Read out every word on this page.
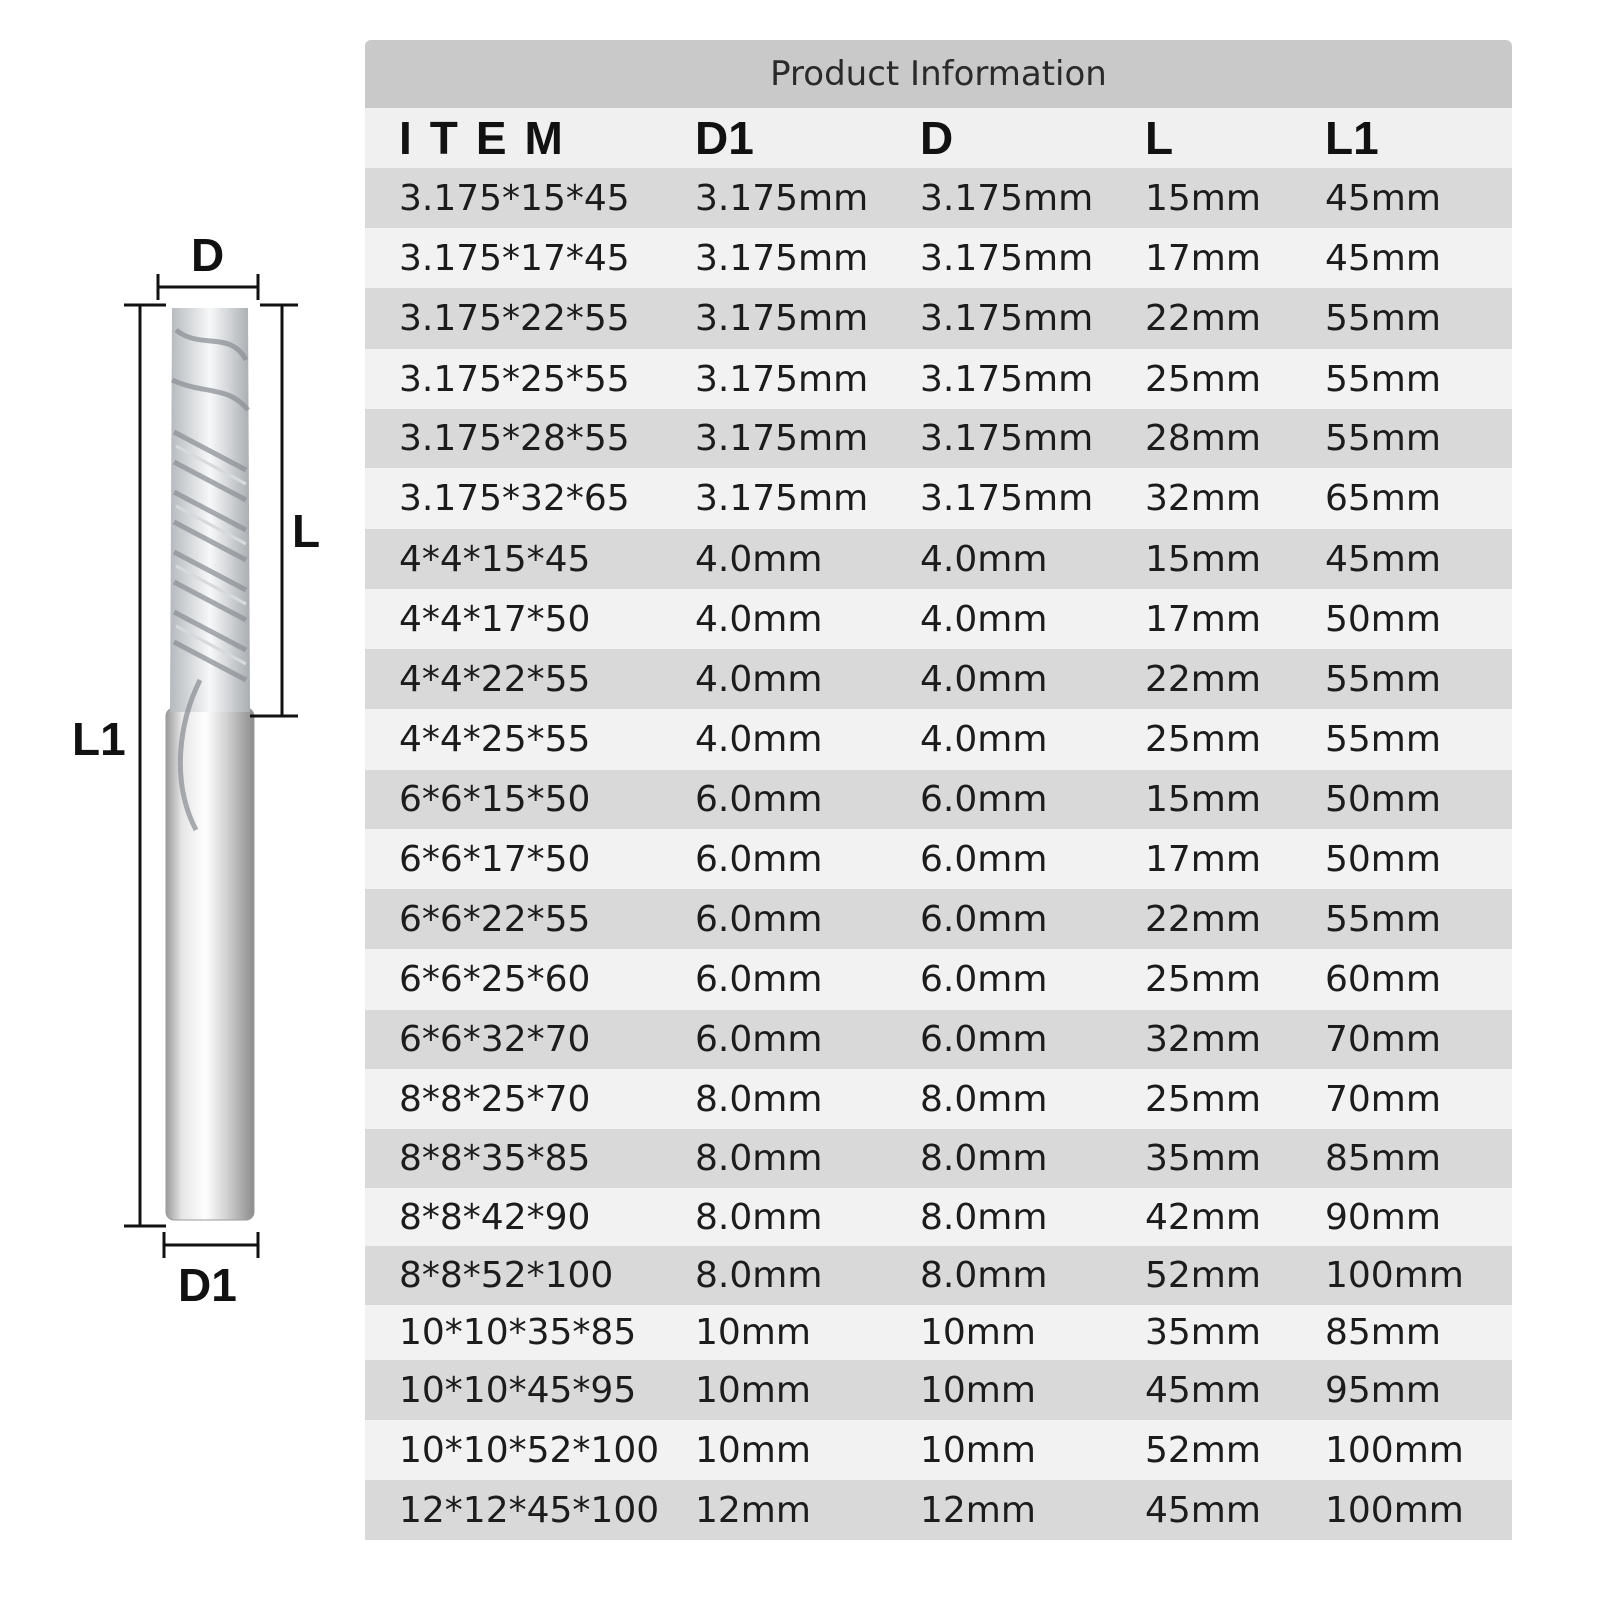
D
L
L1
D1
Product Information
ITEM	D1	D	L	L1
3.175*15*45	3.175mm	3.175mm	15mm	45mm
3.175*17*45	3.175mm	3.175mm	17mm	45mm
3.175*22*55	3.175mm	3.175mm	22mm	55mm
3.175*25*55	3.175mm	3.175mm	25mm	55mm
3.175*28*55	3.175mm	3.175mm	28mm	55mm
3.175*32*65	3.175mm	3.175mm	32mm	65mm
4*4*15*45	4.0mm	4.0mm	15mm	45mm
4*4*17*50	4.0mm	4.0mm	17mm	50mm
4*4*22*55	4.0mm	4.0mm	22mm	55mm
4*4*25*55	4.0mm	4.0mm	25mm	55mm
6*6*15*50	6.0mm	6.0mm	15mm	50mm
6*6*17*50	6.0mm	6.0mm	17mm	50mm
6*6*22*55	6.0mm	6.0mm	22mm	55mm
6*6*25*60	6.0mm	6.0mm	25mm	60mm
6*6*32*70	6.0mm	6.0mm	32mm	70mm
8*8*25*70	8.0mm	8.0mm	25mm	70mm
8*8*35*85	8.0mm	8.0mm	35mm	85mm
8*8*42*90	8.0mm	8.0mm	42mm	90mm
8*8*52*100	8.0mm	8.0mm	52mm	100mm
10*10*35*85	10mm	10mm	35mm	85mm
10*10*45*95	10mm	10mm	45mm	95mm
10*10*52*100 10mm	10mm	52mm	100mm
12*12*45*100 12mm	12mm	45mm	100mm
